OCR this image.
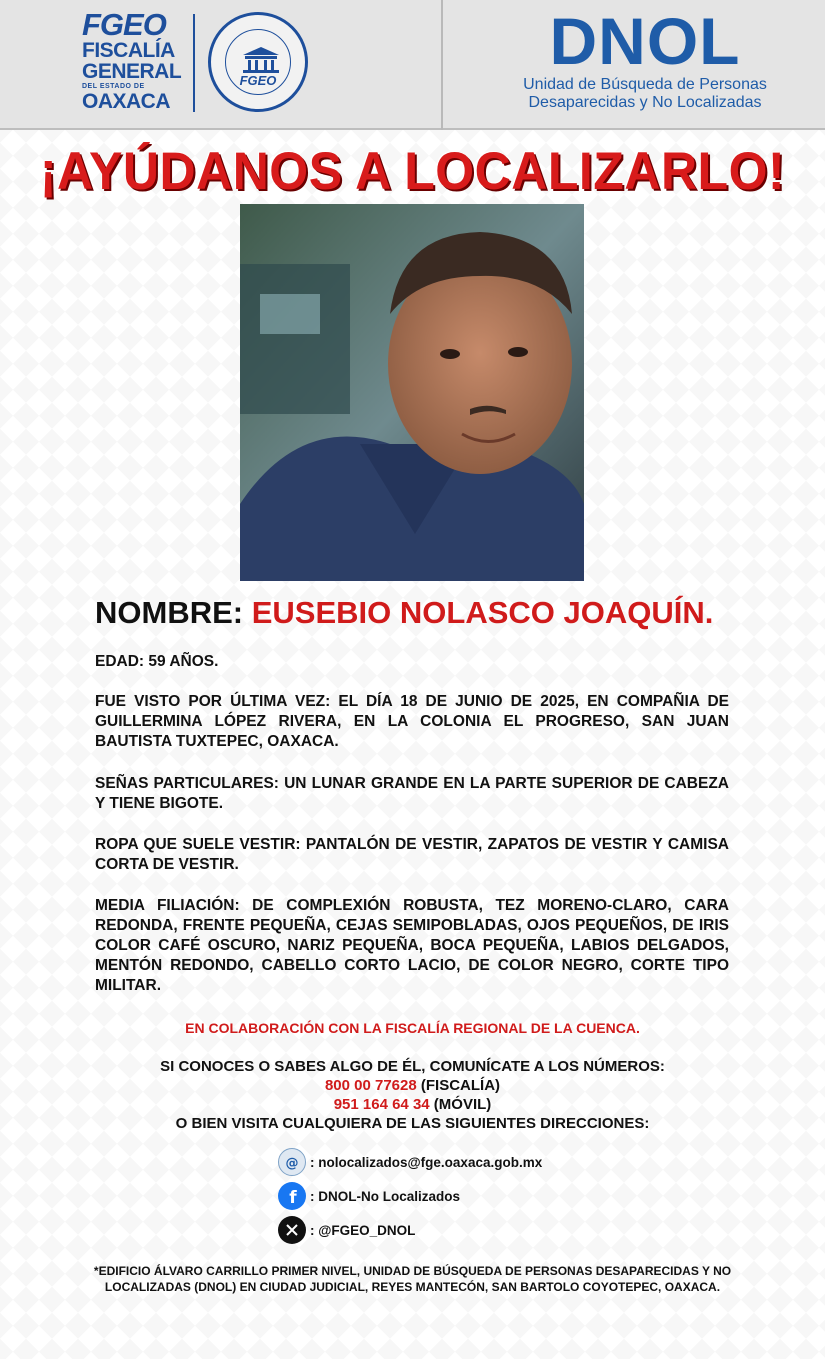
FGEO
FISCALÍA
GENERAL
DEL ESTADO DE
OAXACA
FGEO
DNOL
Unidad de Búsqueda de Personas
Desaparecidas y No Localizadas
¡AYÚDANOS A LOCALIZARLO!
NOMBRE: EUSEBIO NOLASCO JOAQUÍN.
EDAD: 59 AÑOS.
FUE VISTO POR ÚLTIMA VEZ: EL DÍA 18 DE JUNIO DE 2025, EN COMPAÑIA DE GUILLERMINA LÓPEZ RIVERA, EN LA COLONIA EL PROGRESO, SAN JUAN BAUTISTA TUXTEPEC, OAXACA.
SEÑAS PARTICULARES: UN LUNAR GRANDE EN LA PARTE SUPERIOR DE CABEZA Y TIENE BIGOTE.
ROPA QUE SUELE VESTIR: PANTALÓN DE VESTIR, ZAPATOS DE VESTIR Y CAMISA CORTA DE VESTIR.
MEDIA FILIACIÓN: DE COMPLEXIÓN ROBUSTA, TEZ MORENO-CLARO, CARA REDONDA, FRENTE PEQUEÑA, CEJAS SEMIPOBLADAS, OJOS PEQUEÑOS, DE IRIS COLOR CAFÉ OSCURO, NARIZ PEQUEÑA, BOCA PEQUEÑA, LABIOS DELGADOS, MENTÓN REDONDO, CABELLO CORTO LACIO, DE COLOR NEGRO, CORTE TIPO MILITAR.
EN COLABORACIÓN CON LA FISCALÍA REGIONAL DE LA CUENCA.
SI CONOCES O SABES ALGO DE ÉL, COMUNÍCATE A LOS NÚMEROS:
800 00 77628 (FISCALÍA)
951 164 64 34 (MÓVIL)
O BIEN VISITA CUALQUIERA DE LAS SIGUIENTES DIRECCIONES:
@ : nolocalizados@fge.oaxaca.gob.mx
f : DNOL-No Localizados
: @FGEO_DNOL
*EDIFICIO ÁLVARO CARRILLO PRIMER NIVEL, UNIDAD DE BÚSQUEDA DE PERSONAS DESAPARECIDAS Y NO LOCALIZADAS (DNOL) EN CIUDAD JUDICIAL, REYES MANTECÓN, SAN BARTOLO COYOTEPEC, OAXACA.
